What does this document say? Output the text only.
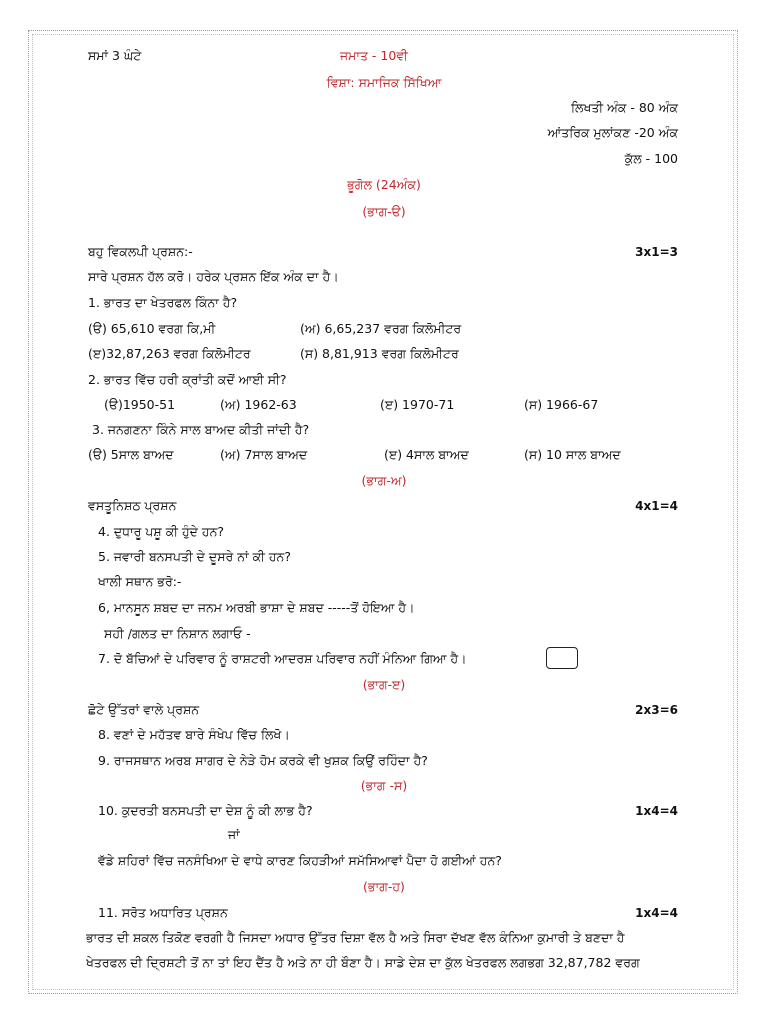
ਸਮਾਂ 3 ਘੰਟੇ	ਜਮਾਤ - 10ਵੀ
ਵਿਸ਼ਾ: ਸਮਾਜਿਕ ਸਿੱਖਿਆ
ਲਿਖਤੀ ਅੰਕ - 80 ਅੰਕ
ਆਂਤਰਿਕ ਮੁਲਾਂਕਣ -20 ਅੰਕ
ਕੁੱਲ - 100
ਭੂਗੋਲ (24ਅੰਕ)
(ਭਾਗ-ੳ)
ਬਹੁ ਵਿਕਲਪੀ ਪ੍ਰਸ਼ਨ:-	3x1=3
ਸਾਰੇ ਪ੍ਰਸ਼ਨ ਹੱਲ ਕਰੋ। ਹਰੇਕ ਪ੍ਰਸ਼ਨ ਇੱਕ ਅੰਕ ਦਾ ਹੈ।
1. ਭਾਰਤ ਦਾ ਖੇਤਰਫਲ ਕਿੰਨਾ ਹੈ?
(ੳ) 65,610 ਵਰਗ ਕਿ,ਮੀ	(ਅ) 6,65,237 ਵਰਗ ਕਿਲੋਮੀਟਰ
(ੲ)32,87,263 ਵਰਗ ਕਿਲੋਮੀਟਰ	(ਸ) 8,81,913 ਵਰਗ ਕਿਲੋਮੀਟਰ
2. ਭਾਰਤ ਵਿੱਚ ਹਰੀ ਕ੍ਰਾਂਤੀ ਕਦੋਂ ਆਈ ਸੀ?
(ੳ)1950-51	(ਅ) 1962-63	(ੲ) 1970-71	(ਸ) 1966-67
3. ਜਨਗਣਨਾ ਕਿੰਨੇ ਸਾਲ ਬਾਅਦ ਕੀਤੀ ਜਾਂਦੀ ਹੈ?
(ੳ) 5ਸਾਲ ਬਾਅਦ	(ਅ) 7ਸਾਲ ਬਾਅਦ	(ੲ) 4ਸਾਲ ਬਾਅਦ	(ਸ) 10 ਸਾਲ ਬਾਅਦ
(ਭਾਗ-ਅ)
ਵਸਤੂਨਿਸ਼ਠ ਪ੍ਰਸ਼ਨ	4x1=4
4. ਦੁਧਾਰੂ ਪਸ਼ੂ ਕੀ ਹੁੰਦੇ ਹਨ?
5. ਜਵਾਰੀ ਬਨਸਪਤੀ ਦੇ ਦੂਸਰੇ ਨਾਂ ਕੀ ਹਨ?
ਖਾਲੀ ਸਥਾਨ ਭਰੋ:-
6, ਮਾਨਸੂਨ ਸ਼ਬਦ ਦਾ ਜਨਮ ਅਰਬੀ ਭਾਸ਼ਾ ਦੇ ਸ਼ਬਦ -----ਤੋਂ ਹੋਇਆ ਹੈ।
ਸਹੀ /ਗਲਤ ਦਾ ਨਿਸ਼ਾਨ ਲਗਾਓ -
7. ਦੋ ਬੱਚਿਆਂ ਦੇ ਪਰਿਵਾਰ ਨੂੰ ਰਾਸ਼ਟਰੀ ਆਦਰਸ਼ ਪਰਿਵਾਰ ਨਹੀਂ ਮੰਨਿਆ ਗਿਆ ਹੈ।
(ਭਾਗ-ੲ)
ਛੋਟੇ ਉੱਤਰਾਂ ਵਾਲੇ ਪ੍ਰਸ਼ਨ	2x3=6
8. ਵਣਾਂ ਦੇ ਮਹੱਤਵ ਬਾਰੇ ਸੰਖੇਪ ਵਿੱਚ ਲਿਖੋ।
9. ਰਾਜਸਥਾਨ ਅਰਬ ਸਾਗਰ ਦੇ ਨੇੜੇ ਹੋਮ ਕਰਕੇ ਵੀ ਖੁਸ਼ਕ ਕਿਉਂ ਰਹਿੰਦਾ ਹੈ?
(ਭਾਗ -ਸ)
10. ਕੁਦਰਤੀ ਬਨਸਪਤੀ ਦਾ ਦੇਸ਼ ਨੂੰ ਕੀ ਲਾਭ ਹੈ?	1x4=4
ਜਾਂ
ਵੱਡੇ ਸ਼ਹਿਰਾਂ ਵਿੱਚ ਜਨਸੰਖਿਆ ਦੇ ਵਾਧੇ ਕਾਰਣ ਕਿਹੜੀਆਂ ਸਮੱਸਿਆਵਾਂ ਪੈਦਾ ਹੋ ਗਈਆਂ ਹਨ?
(ਭਾਗ-ਹ)
11. ਸਰੋਤ ਅਧਾਰਿਤ ਪ੍ਰਸ਼ਨ	1x4=4
ਭਾਰਤ ਦੀ ਸ਼ਕਲ ਤਿਕੋਣ ਵਰਗੀ ਹੈ ਜਿਸਦਾ ਅਧਾਰ ਉੱਤਰ ਦਿਸ਼ਾ ਵੱਲ ਹੈ ਅਤੇ ਸਿਰਾ ਦੱਖਣ ਵੱਲ ਕੰਨਿਆ ਕੁਮਾਰੀ ਤੇ ਬਣਦਾ ਹੈ
ਖੇਤਰਫਲ ਦੀ ਦ੍ਰਿਸ਼ਟੀ ਤੋਂ ਨਾ ਤਾਂ ਇਹ ਦੈਂਤ ਹੈ ਅਤੇ ਨਾ ਹੀ ਬੌਣਾ ਹੈ। ਸਾਡੇ ਦੇਸ਼ ਦਾ ਕੁੱਲ ਖੇਤਰਫਲ ਲਗਭਗ 32,87,782 ਵਰਗ
